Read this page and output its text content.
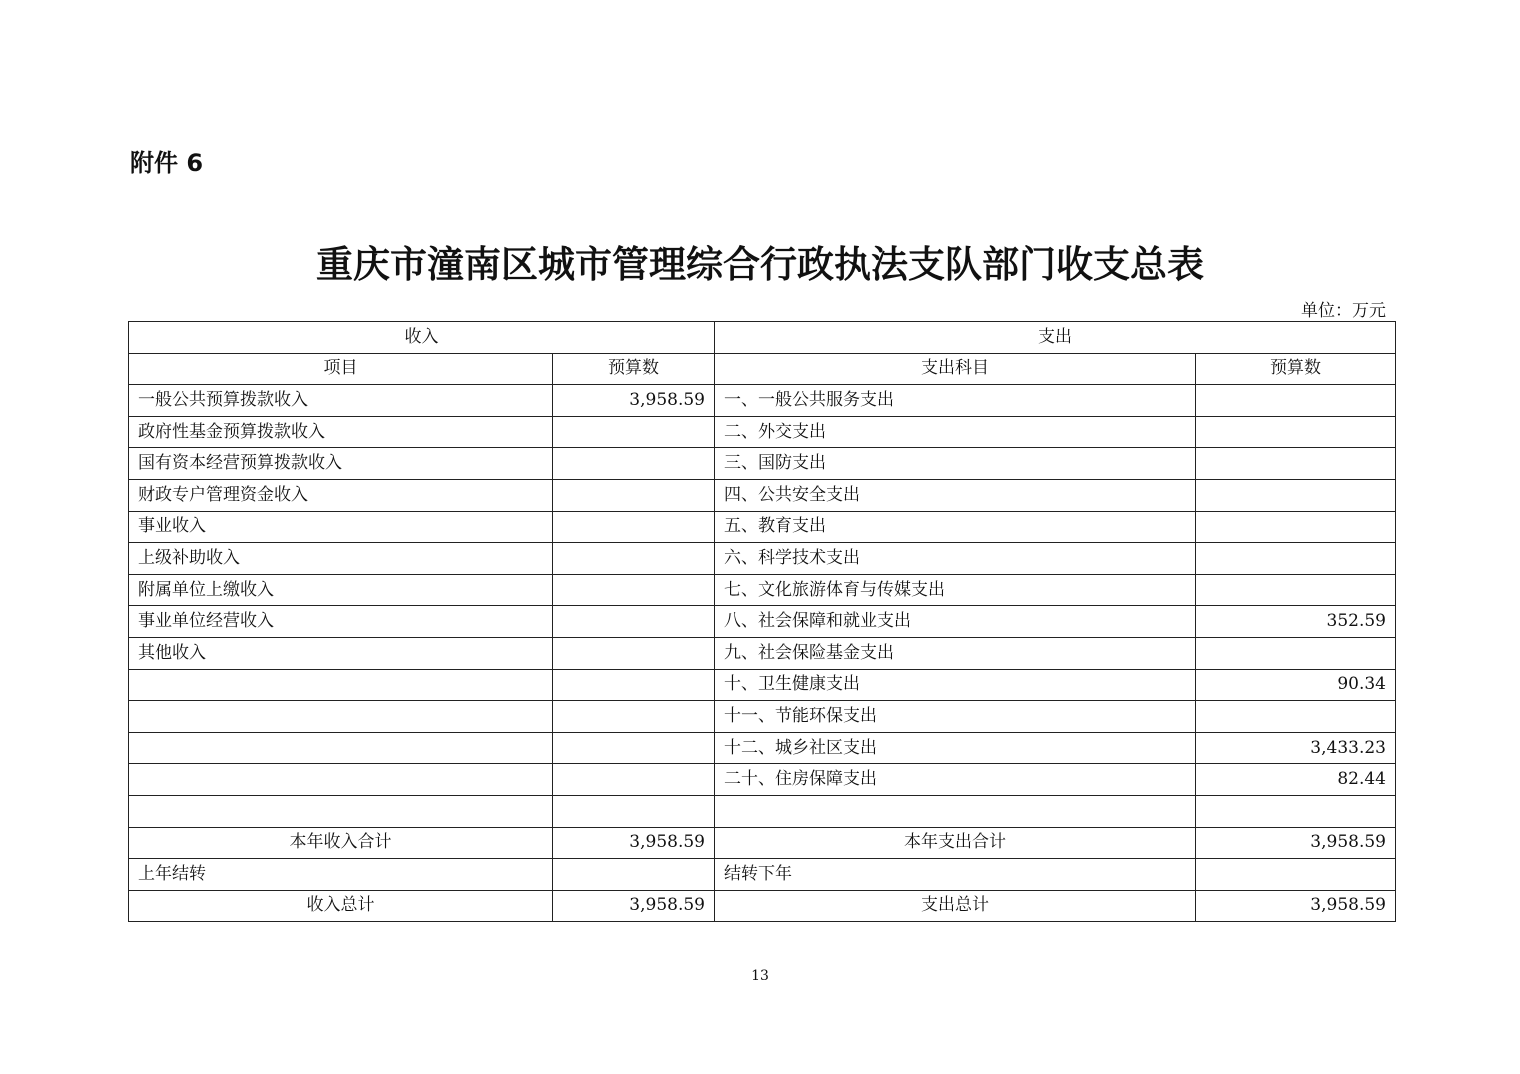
附件 6
重庆市潼南区城市管理综合行政执法支队部门收支总表
单位：万元
收入		支出	
项目	预算数	支出科目	预算数
一般公共预算拨款收入	3,958.59	一、一般公共服务支出	
政府性基金预算拨款收入		二、外交支出	
国有资本经营预算拨款收入		三、国防支出	
财政专户管理资金收入		四、公共安全支出	
事业收入		五、教育支出	
上级补助收入		六、科学技术支出	
附属单位上缴收入		七、文化旅游体育与传媒支出	
事业单位经营收入		八、社会保障和就业支出	352.59
其他收入		九、社会保险基金支出	
		十、卫生健康支出	90.34
		十一、节能环保支出	
		十二、城乡社区支出	3,433.23
		二十、住房保障支出	82.44

本年收入合计	3,958.59	本年支出合计	3,958.59
上年结转		结转下年	
收入总计	3,958.59	支出总计	3,958.59
13
